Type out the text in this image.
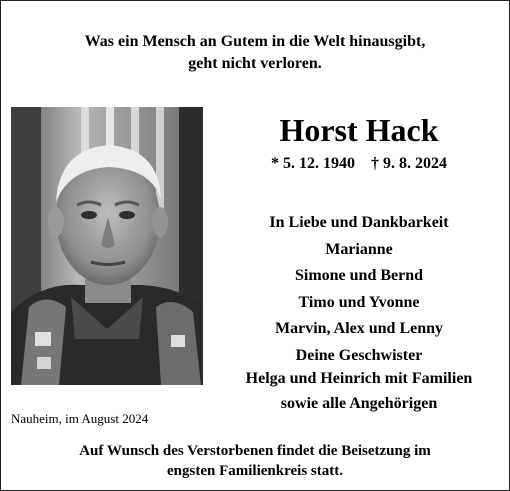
Was ein Mensch an Gutem in die Welt hinausgibt,
geht nicht verloren.
Horst Hack
* 5. 12. 1940 † 9. 8. 2024
In Liebe und Dankbarkeit
Marianne
Simone und Bernd
Timo und Yvonne
Marvin, Alex und Lenny
Deine Geschwister
Helga und Heinrich mit Familien
sowie alle Angehörigen
Nauheim, im August 2024
Auf Wunsch des Verstorbenen findet die Beisetzung im
engsten Familienkreis statt.
